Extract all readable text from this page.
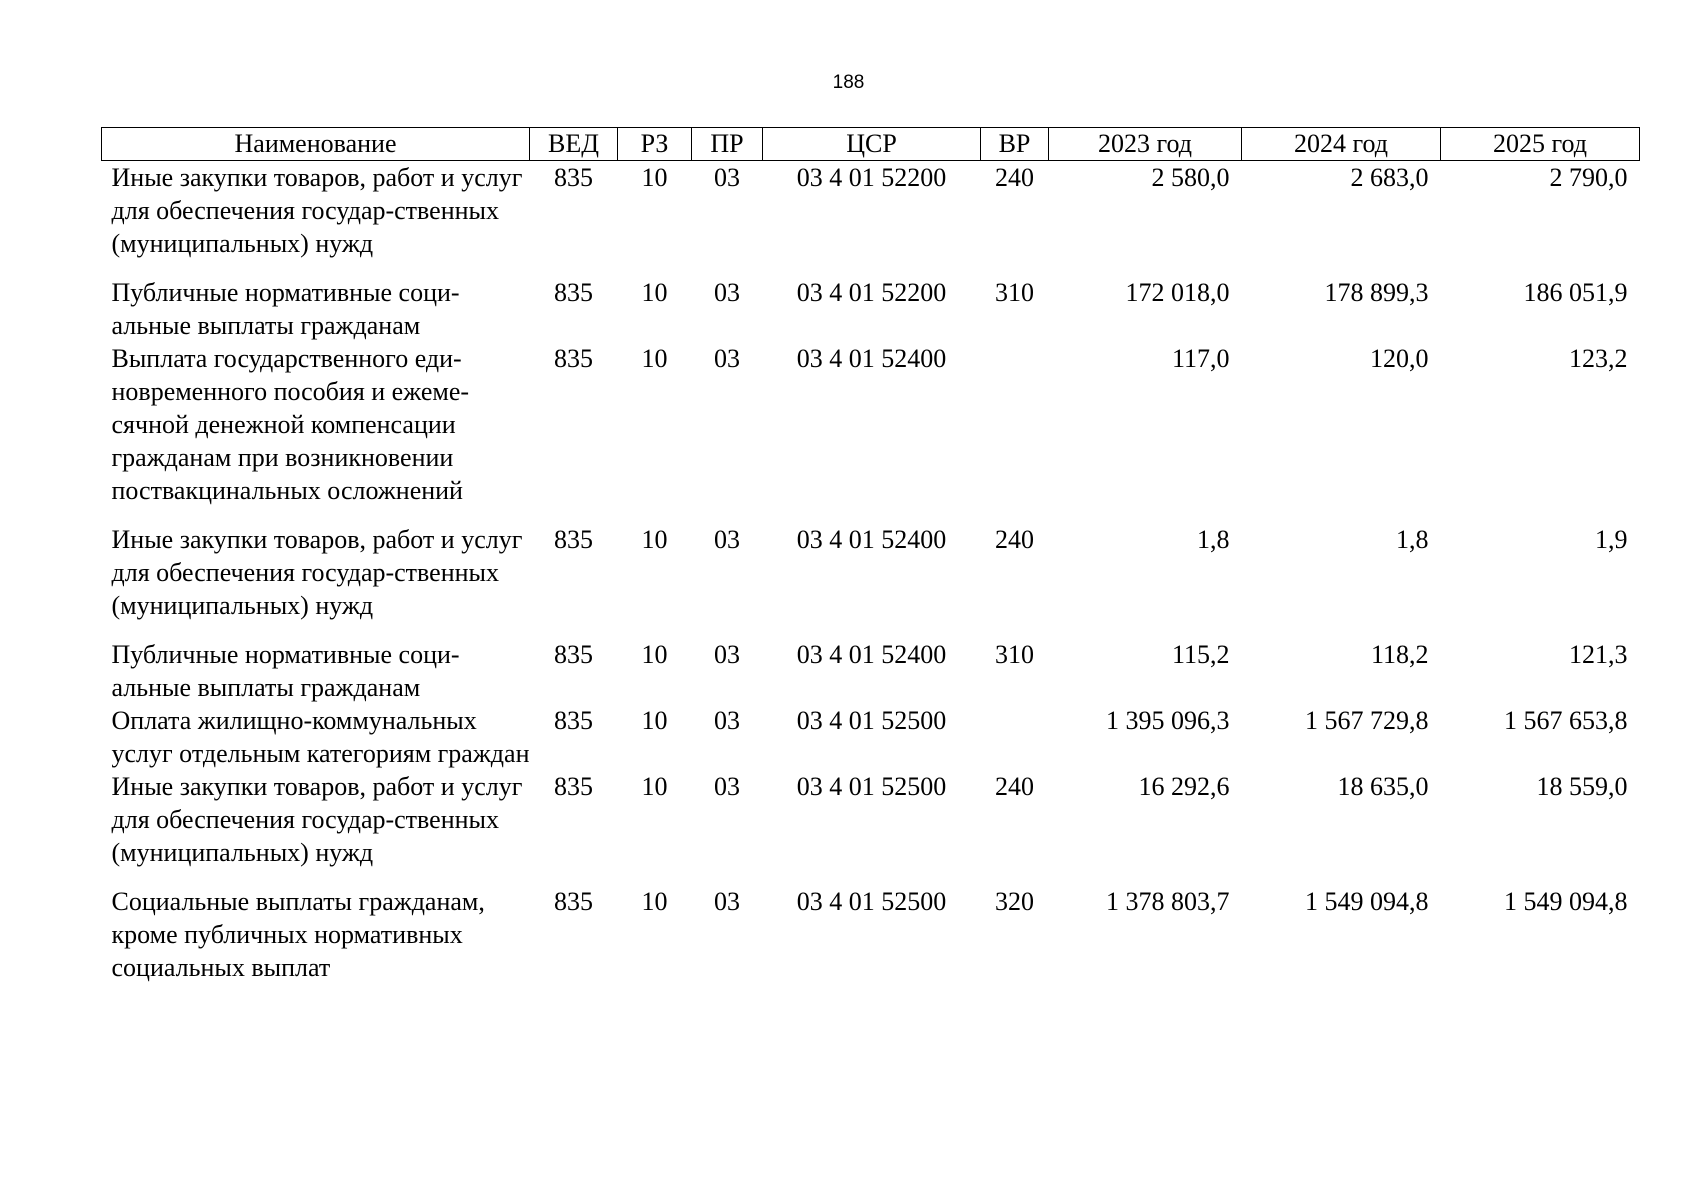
188
Наименование	ВЕД	РЗ	ПР	ЦСР	ВР	2023 год	2024 год	2025 год
Иные закупки товаров, работ и услуг для обеспечения государ-ственных (муниципальных) нужд	835	10	03	03 4 01 52200	240	2 580,0	2 683,0	2 790,0
Публичные нормативные соци-альные выплаты гражданам	835	10	03	03 4 01 52200	310	172 018,0	178 899,3	186 051,9
Выплата государственного еди-новременного пособия и ежеме-сячной денежной компенсации гражданам при возникновении поствакцинальных осложнений	835	10	03	03 4 01 52400		117,0	120,0	123,2
Иные закупки товаров, работ и услуг для обеспечения государ-ственных (муниципальных) нужд	835	10	03	03 4 01 52400	240	1,8	1,8	1,9
Публичные нормативные соци-альные выплаты гражданам	835	10	03	03 4 01 52400	310	115,2	118,2	121,3
Оплата жилищно-коммунальных услуг отдельным категориям граждан	835	10	03	03 4 01 52500		1 395 096,3	1 567 729,8	1 567 653,8
Иные закупки товаров, работ и услуг для обеспечения государ-ственных (муниципальных) нужд	835	10	03	03 4 01 52500	240	16 292,6	18 635,0	18 559,0
Социальные выплаты гражданам, кроме публичных нормативных социальных выплат	835	10	03	03 4 01 52500	320	1 378 803,7	1 549 094,8	1 549 094,8
